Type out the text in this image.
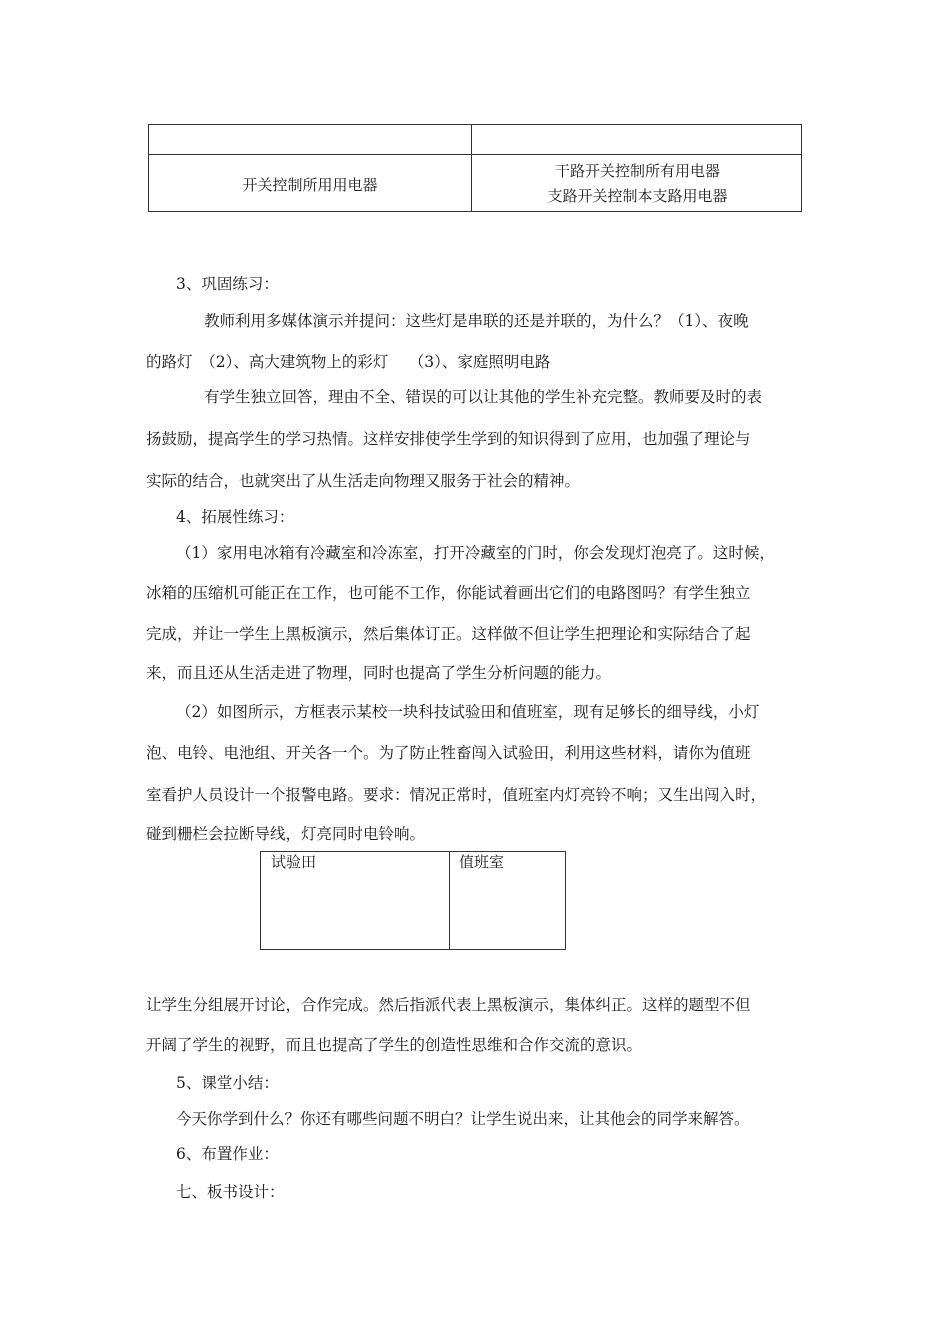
开关控制所用用电器
干路开关控制所有用电器
支路开关控制本支路用电器
3、巩固练习：
教师利用多媒体演示并提问：这些灯是串联的还是并联的，为什么？（1）、夜晚
的路灯　（2）、高大建筑物上的彩灯　 （3）、家庭照明电路
有学生独立回答，理由不全、错误的可以让其他的学生补充完整。教师要及时的表
扬鼓励，提高学生的学习热情。这样安排使学生学到的知识得到了应用，也加强了理论与
实际的结合，也就突出了从生活走向物理又服务于社会的精神。
4、拓展性练习：
（1）家用电冰箱有冷藏室和冷冻室，打开冷藏室的门时，你会发现灯泡亮了。这时候，
冰箱的压缩机可能正在工作，也可能不工作，你能试着画出它们的电路图吗？有学生独立
完成，并让一学生上黑板演示，然后集体订正。这样做不但让学生把理论和实际结合了起
来，而且还从生活走进了物理，同时也提高了学生分析问题的能力。
（2）如图所示，方框表示某校一块科技试验田和值班室，现有足够长的细导线，小灯
泡、电铃、电池组、开关各一个。为了防止牲畜闯入试验田，利用这些材料，请你为值班
室看护人员设计一个报警电路。要求：情况正常时，值班室内灯亮铃不响；又生出闯入时，
碰到栅栏会拉断导线，灯亮同时电铃响。
试验田	值班室
让学生分组展开讨论，合作完成。然后指派代表上黑板演示，集体纠正。这样的题型不但
开阔了学生的视野，而且也提高了学生的创造性思维和合作交流的意识。
5、课堂小结：
今天你学到什么？你还有哪些问题不明白？让学生说出来，让其他会的同学来解答。
6、布置作业：
七、板书设计：
